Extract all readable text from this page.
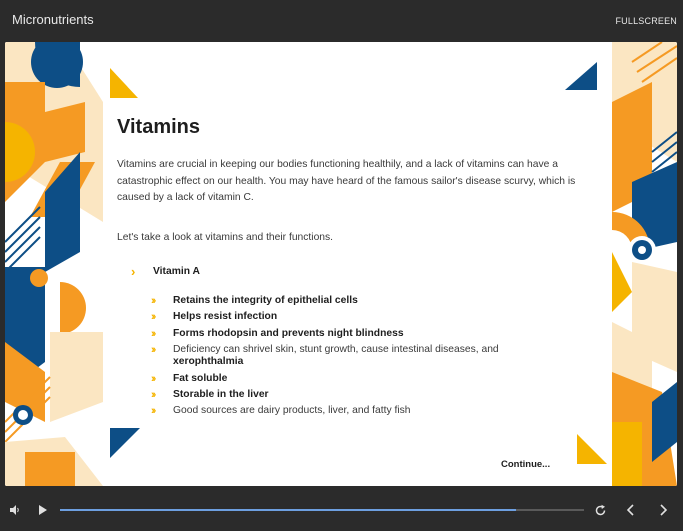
Micronutrients	FULLSCREEN
Vitamins
Vitamins are crucial in keeping our bodies functioning healthily, and a lack of vitamins can have a catastrophic effect on our health. You may have heard of the famous sailor's disease scurvy, which is caused by a lack of vitamin C.
Let's take a look at vitamins and their functions.
›	Vitamin A
››	Retains the integrity of epithelial cells
››	Helps resist infection
››	Forms rhodopsin and prevents night blindness
››	Deficiency can shrivel skin, stunt growth, cause intestinal diseases, and
xerophthalmia
››	Fat soluble
››	Storable in the liver
››	Good sources are dairy products, liver, and fatty fish
Continue...
